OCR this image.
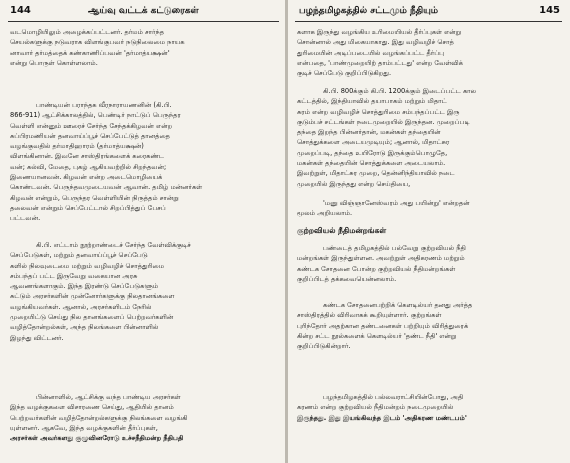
144	ஆய்வு வட்டக் கட்டுரைகள்
வடமொழியிலும் அழைக்கப்பட்டனர். தர்மம் சார்ந்த
செயல்களுக்கு நடுவராக விளங்குபவர் நடுநிலைமை நாயக
னாவார் தர்மத்தைக் கண்காணிப்பவன் 'தர்மாத்யக்ஷன்'
என்று பொருள் கொள்ளலாம்.
பாண்டியன் பராந்தக வீரநாராயணனின் (கி.பி.
866-911) ஆட்சிக்காலத்தில், பெண்டிர் நாட்டுப் பெருந்தர
வெள்ளி என்னும் ஊரைச் சேர்ந்த சேந்தக்கிழவன் என்ற
சுப்பிரமணியன் தனவாய்ப்பூச் செப்பேட்டுத் தானத்தை
வழங்குவதில் தர்மாதிஹாரம் (தர்மாத்யக்ஷன்)
விளங்கினான். இவனே சாஸ்திரங்களைக் கரைகண்ட
வன்; கல்வி, மேதை, புகழ் ஆகியவற்றில் சிறந்தவன்;
இணையானவன். கிழவன் என்ற அடைமொழியைக்
கொண்டவன். பெருந்தவமுடையவன் ஆவான். தமிழ் மன்னர்கள்
கிழவன் என்றும், பெருந்தர வெள்ளியின் நிருத்தம் சான்று
தலைவன் என்றும் செப்பேட்டால் சிறப்பித்துப் பேசப்
பட்டவன்.
கி.பி. எட்டாம் நூற்றாண்டைச் சேர்ந்த வேள்விக்குடிச்
செப்பேடுகள், மற்றும் தனவாய்ப்பூச் செப்பேடு
களில் நிலவுடைமை மற்றும் வழிவழிச் சொத்துரிமை
சம்பந்தப் பட்ட இருவேறு வகையான அரசு
ஆவணங்களாகும். இந்த இரண்டு செப்பேடுகளும்
சுட்டும் அரசர்களின் முன்னோர்களுக்கு நிலதானங்களை
வழங்கியவர்கள். ஆனால், அரசர்களிடம் நேரில்
முறையிட்டு செய்து நில தானங்களைப் பெற்றவர்களின்
வழித்தோன்றல்கள், அந்த நிலங்களை பின்னாளில்
இழந்து விட்டனர்.
பின்னாளில், ஆட்சிக்கு வந்த பாண்டிய அரசர்கள்
இந்த வழக்குகளை விசாரணை செய்து, ஆதியில் தானம்
பெற்றவர்களின் வழித்தோன்றல்களுக்கு நிலங்களை வழங்கி
யுள்ளனர். ஆகவே, இந்த வழக்குகளின் தீர்ப்புகள்,
அரசர்கள் அவர்களது குழுவினரோடு உச்சநீதிமன்ற நீதிபதி
பழந்தமிழகத்தில் சட்டமும் நீதியும்	145
களாக இருந்து வழங்கிய உரிமையியல் தீர்ப்புகள் என்று
சொன்னால் அது மிகையாகாது. இது வழிவழிச் சொத்
துரிமையின் அடிப்படையில் வழங்கப்பட்ட தீர்ப்பு
என்பதை, 'பாண்முறையிற் தாம்பட்டது' என்ற வேள்விக்
குடிச் செப்பேடு குறிப்பிடுகிறது.
கி.பி. 800க்கும் கி.பி. 1200க்கும் இடைப்பட்ட கால
கட்டத்தில், இந்தியாவில் தயாபாகம் மற்றும் மிதாட்
சுரம் என்ற வழிவழிச் சொத்துரிமை சம்பந்தப்பட்ட இரு
குடும்பச் சட்டங்கள் நடைமுறையில் இருந்தன. முறைப்படி
தந்தை இறந்த பின்னர்தான், மகன்கள் தந்தையின்
சொத்துக்களை அடையமுடியும்; ஆனால், மிதாட்சுர
முறைப்படி, தந்தை உயிரோடு இருக்கும்பொழுதே,
மகன்கள் தந்தையின் சொத்துக்களை அடையலாம்.
இவற்றுள், மிதாட்சுர முறை, தென்னிந்தியாவில் நடை
முறையில் இருந்தது என்ற செய்தியை,
'மனு விஞ்ஞானேஸ்வரம் அது பயின்று' என்றதன்
மூலம் அறியலாம்.
குற்றவியல் நீதிமன்றங்கள்
பண்டைத் தமிழகத்தில் பல்வேறு குற்றவியல் நீதி
மன்றங்கள் இருந்துள்ளன. அவற்றுள் அதிகரணம் மற்றும்
கண்டக சோதனை போன்ற குற்றவியல் நீதிமன்றங்கள்
குறிப்பிடத் தக்கவையென்னலாம்.
கண்டக சோதனைபற்றிக் கௌடில்யர் தனது அர்த்த
சாஸ்திரத்தில் விரிவாகக் கூறியுள்ளார். குற்றங்கள்
புரிந்தோர் அதற்கான தண்டனைகள் பற்றியும் விரித்துரைக்
கின்ற சட்ட நூல்களைக் கௌடில்யர் 'தண்ட நீதி' என்று
குறிப்பிடுகின்றார்.
பழந்தமிழகத்தில் பல்லவராட்சியின்போது, அதி
கரணம் என்ற குற்றவியல் நீதிமன்றம் நடைமுறையில்
இருந்தது. இது இயங்கிவந்த இடம் 'அதிகரண மண்டபம்'
